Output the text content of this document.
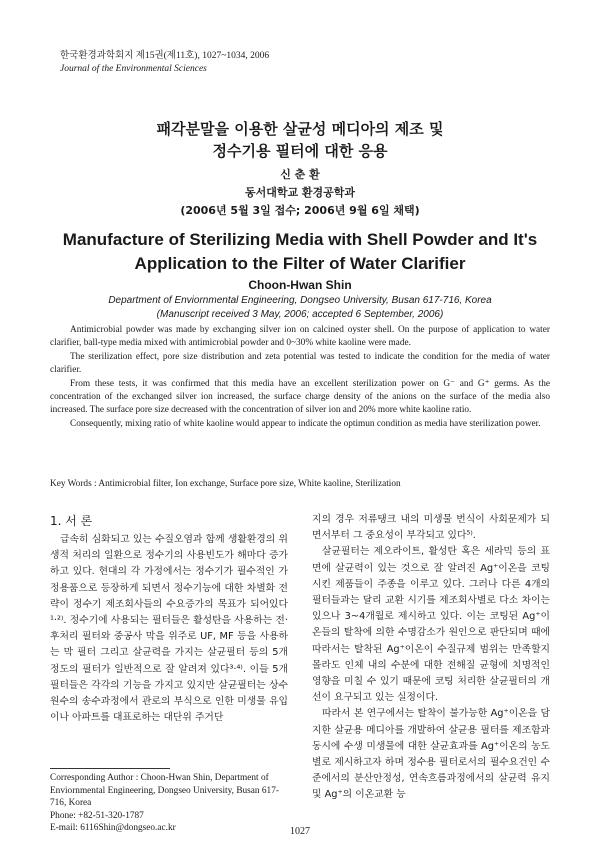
한국환경과학회지 제15권(제11호), 1027~1034, 2006
Journal of the Environmental Sciences
패각분말을 이용한 살균성 메디아의 제조 및
정수기용 필터에 대한 응용
신 춘 환
동서대학교 환경공학과
(2006년 5월 3일 접수; 2006년 9월 6일 채택)
Manufacture of Sterilizing Media with Shell Powder and It's
Application to the Filter of Water Clarifier
Choon-Hwan Shin
Department of Enviornmental Engineering, Dongseo University, Busan 617-716, Korea
(Manuscript received 3 May, 2006; accepted 6 September, 2006)

Antimicrobial powder was made by exchanging silver ion on calcined oyster shell. On the purpose of application to water clarifier, ball-type media mixed with antimicrobial powder and 0~30% white kaoline were made.

The sterilization effect, pore size distribution and zeta potential was tested to indicate the condition for the media of water clarifier.

From these tests, it was confirmed that this media have an excellent sterilization power on G⁻ and G⁺ germs. As the concentration of the exchanged silver ion increased, the surface charge density of the anions on the surface of the media also increased. The surface pore size decreased with the concentration of silver ion and 20% more white kaoline ratio.

Consequently, mixing ratio of white kaoline would appear to indicate the optimun condition as media have sterilization power.

Key Words : Antimicrobial filter, Ion exchange, Surface pore size, White kaoline, Sterilization
1. 서 론

급속히 심화되고 있는 수질오염과 함께 생활환경의 위생적 처리의 일환으로 정수기의 사용빈도가 해마다 증가하고 있다. 현대의 각 가정에서는 정수기가 필수적인 가정용품으로 등장하게 되면서 정수기능에 대한 차별화 전략이 정수기 제조회사들의 수요증가의 목표가 되어있다¹·²⁾. 정수기에 사용되는 필터들은 활성탄을 사용하는 전·후처리 필터와 중공사 막을 위주로 UF, MF 등을 사용하는 막 필터 그리고 살균력을 가지는 살균필터 등의 5개 정도의 필터가 일반적으로 잘 알려져 있다³·⁴⁾. 이들 5개 필터들은 각각의 기능을 가지고 있지만 살균필터는 상수원수의 송수과정에서 관로의 부식으로 인한 미생물 유입이나 아파트를 대표로하는 대단위 주거단

지의 경우 저류탱크 내의 미생물 번식이 사회문제가 되면서부터 그 중요성이 부각되고 있다⁵⁾.

살균필터는 제오라이트, 활성탄 혹은 세라믹 등의 표면에 살균력이 있는 것으로 잘 알려진 Ag⁺이온을 코팅시킨 제품들이 주종을 이루고 있다. 그러나 다른 4개의 필터들과는 달리 교환 시기를 제조회사별로 다소 차이는 있으나 3~4개월로 제시하고 있다. 이는 코팅된 Ag⁺이온들의 탈착에 의한 수명감소가 원인으로 판단되며 때에 따라서는 탈착된 Ag⁺이온이 수질규제 범위는 만족할지 몰라도 인체 내의 수분에 대한 전해질 균형에 치명적인 영향을 미칠 수 있기 때문에 코팅 처리한 살균필터의 개선이 요구되고 있는 실정이다.

따라서 본 연구에서는 탈착이 불가능한 Ag⁺이온을 담지한 살균용 메디아를 개발하여 살균용 필터를 제조함과 동시에 수생 미생물에 대한 살균효과를 Ag⁺이온의 농도별로 제시하고자 하며 정수용 필터로서의 필수요건인 수준에서의 분산안정성, 연속흐름과정에서의 살균력 유지 및 Ag⁺의 이온교환 능

Corresponding Author : Choon-Hwan Shin, Department of Enviornmental Engineering, Dongseo University, Busan 617-716, Korea
Phone: +82-51-320-1787
E-mail: 6116Shin@dongseo.ac.kr	1027
